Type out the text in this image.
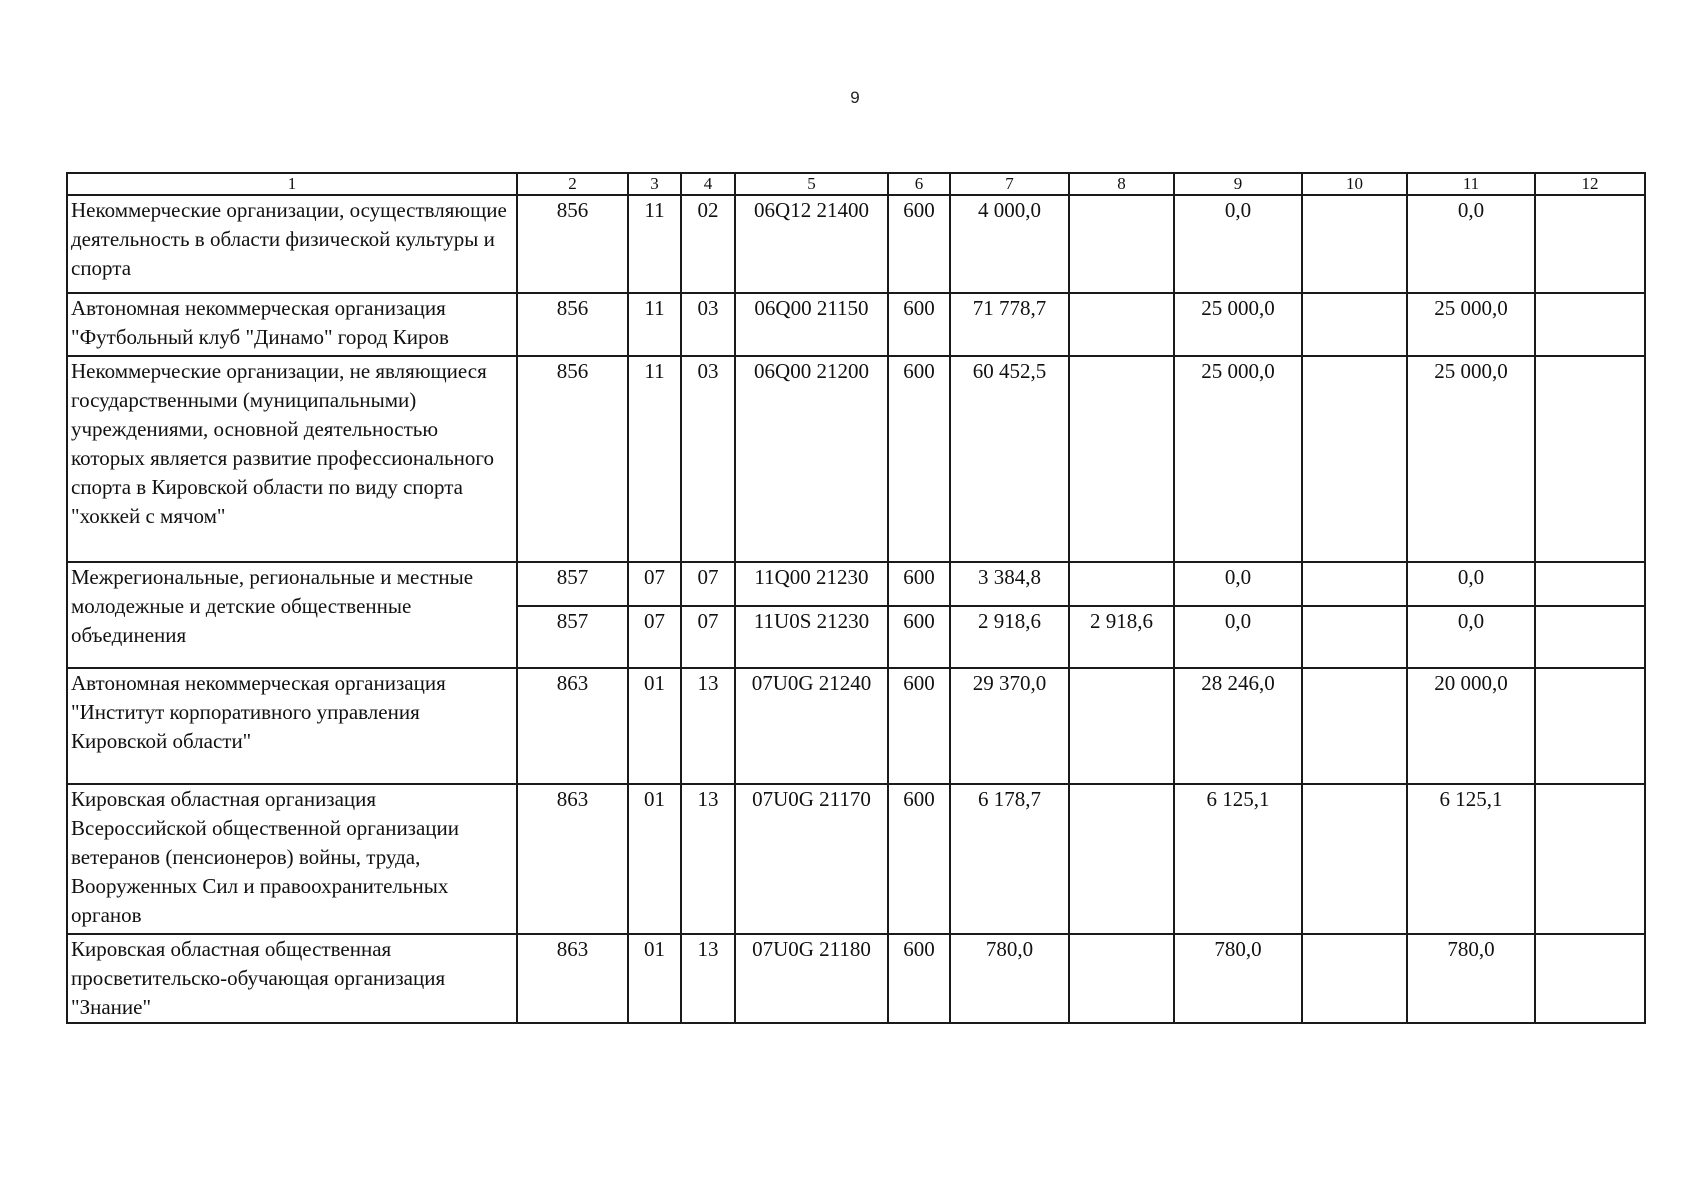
9
1	2	3	4	5	6	7	8	9	10	11	12
Некоммерческие организации, осуществляющие деятельность в области физической культуры и спорта	856	11	02	06Q12 21400	600	4 000,0		0,0		0,0	
Автономная некоммерческая организация "Футбольный клуб "Динамо" город Киров	856	11	03	06Q00 21150	600	71 778,7		25 000,0		25 000,0	
Некоммерческие организации, не являющиеся государственными (муниципальными) учреждениями, основной деятельностью которых является развитие профессионального спорта в Кировской области по виду спорта "хоккей с мячом"	856	11	03	06Q00 21200	600	60 452,5		25 000,0		25 000,0	
Межрегиональные, региональные и местные молодежные и детские общественные объединения	857	07	07	11Q00 21230	600	3 384,8		0,0		0,0	
	857	07	07	11U0S 21230	600	2 918,6	2 918,6	0,0		0,0	
Автономная некоммерческая организация "Институт корпоративного управления Кировской области"	863	01	13	07U0G 21240	600	29 370,0		28 246,0		20 000,0	
Кировская областная организация Всероссийской общественной организации ветеранов (пенсионеров) войны, труда, Вооруженных Сил и правоохранительных органов	863	01	13	07U0G 21170	600	6 178,7		6 125,1		6 125,1	
Кировская областная общественная просветительско-обучающая организация "Знание"	863	01	13	07U0G 21180	600	780,0		780,0		780,0	
